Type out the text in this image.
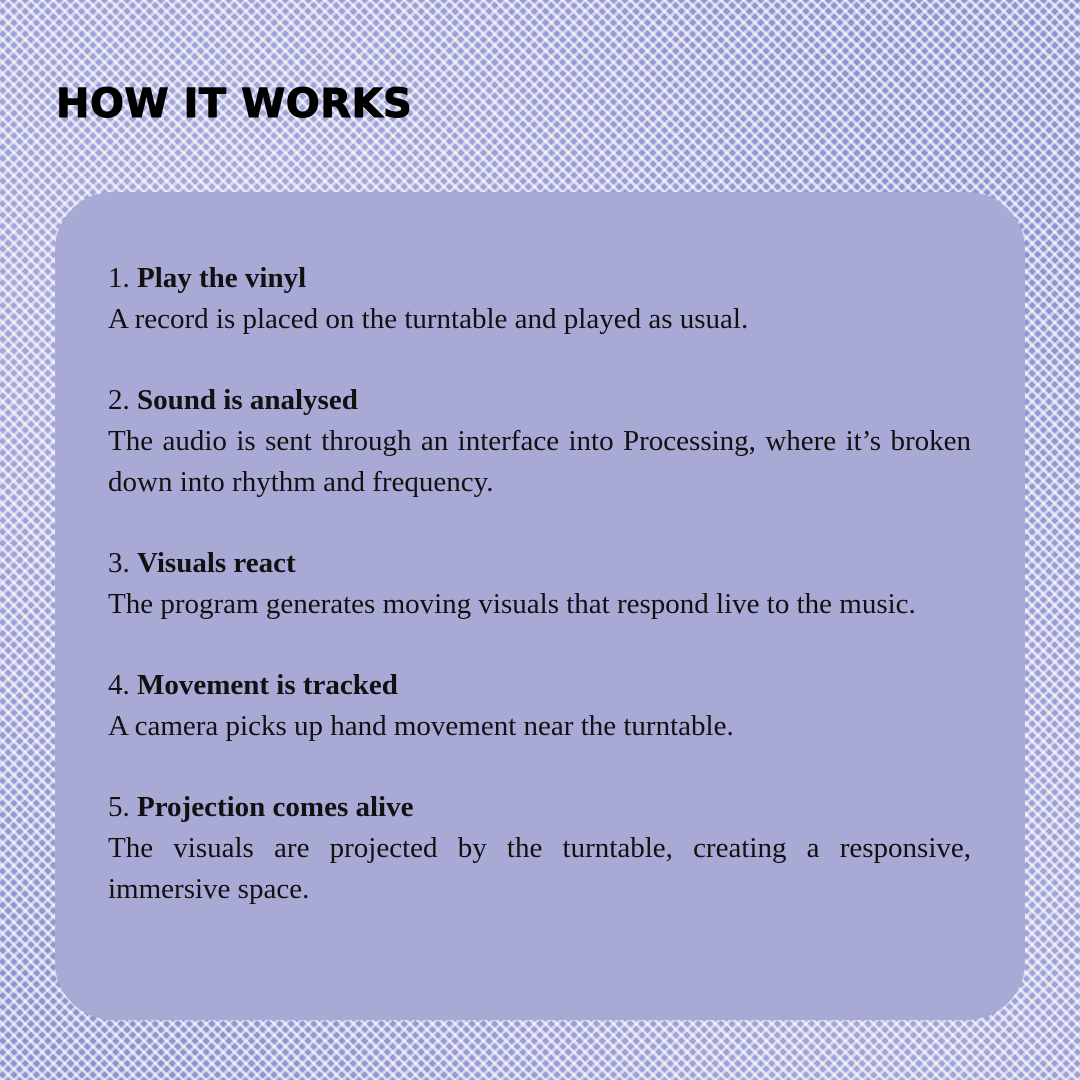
HOW IT WORKS
1. Play the vinyl
A record is placed on the turntable and played as usual.
2. Sound is analysed
The audio is sent through an interface into Processing, where it’s broken down into rhythm and frequency.
3. Visuals react
The program generates moving visuals that respond live to the music.
4. Movement is tracked
A camera picks up hand movement near the turntable.
5. Projection comes alive
The visuals are projected by the turntable, creating a responsive, immersive space.
